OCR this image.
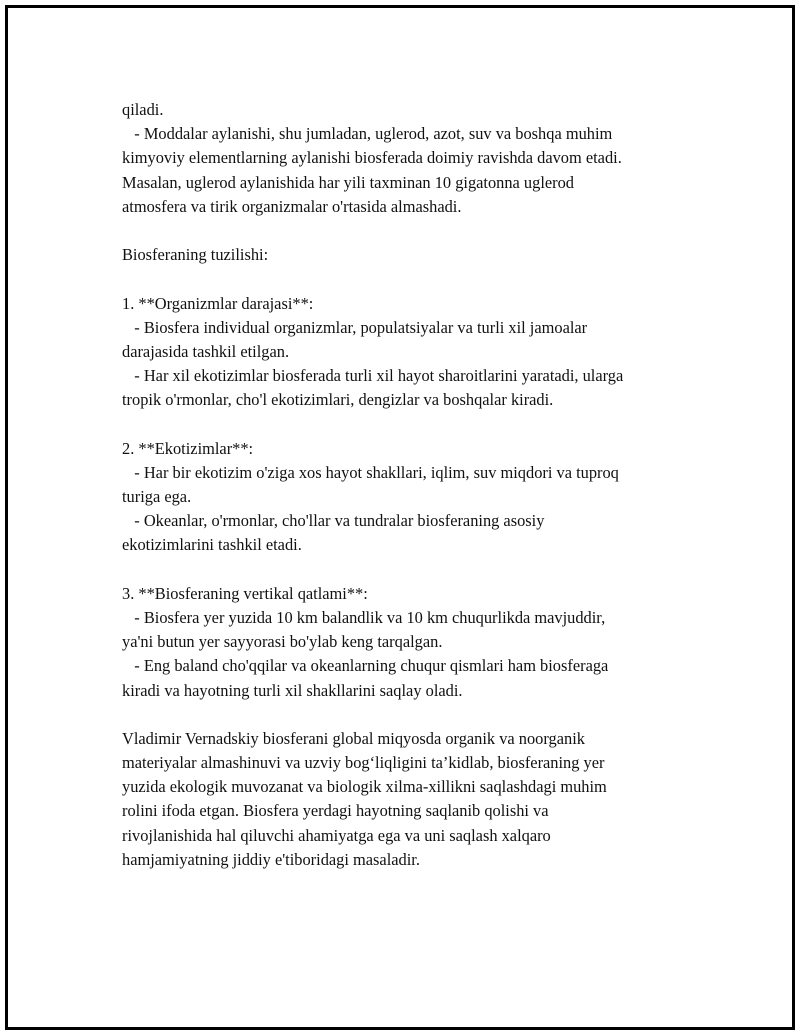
qiladi.
- Moddalar aylanishi, shu jumladan, uglerod, azot, suv va boshqa muhim
kimyoviy elementlarning aylanishi biosferada doimiy ravishda davom etadi.
Masalan, uglerod aylanishida har yili taxminan 10 gigatonna uglerod
atmosfera va tirik organizmalar o'rtasida almashadi.
Biosferaning tuzilishi:
1. **Organizmlar darajasi**:
- Biosfera individual organizmlar, populatsiyalar va turli xil jamoalar
darajasida tashkil etilgan.
- Har xil ekotizimlar biosferada turli xil hayot sharoitlarini yaratadi, ularga
tropik o'rmonlar, cho'l ekotizimlari, dengizlar va boshqalar kiradi.
2. **Ekotizimlar**:
- Har bir ekotizim o'ziga xos hayot shakllari, iqlim, suv miqdori va tuproq
turiga ega.
- Okeanlar, o'rmonlar, cho'llar va tundralar biosferaning asosiy
ekotizimlarini tashkil etadi.
3. **Biosferaning vertikal qatlami**:
- Biosfera yer yuzida 10 km balandlik va 10 km chuqurlikda mavjuddir,
ya'ni butun yer sayyorasi bo'ylab keng tarqalgan.
- Eng baland cho'qqilar va okeanlarning chuqur qismlari ham biosferaga
kiradi va hayotning turli xil shakllarini saqlay oladi.
Vladimir Vernadskiy biosferani global miqyosda organik va noorganik
materiyalar almashinuvi va uzviy bog‘liqligini ta’kidlab, biosferaning yer
yuzida ekologik muvozanat va biologik xilma-xillikni saqlashdagi muhim
rolini ifoda etgan. Biosfera yerdagi hayotning saqlanib qolishi va
rivojlanishida hal qiluvchi ahamiyatga ega va uni saqlash xalqaro
hamjamiyatning jiddiy e'tiboridagi masaladir.
